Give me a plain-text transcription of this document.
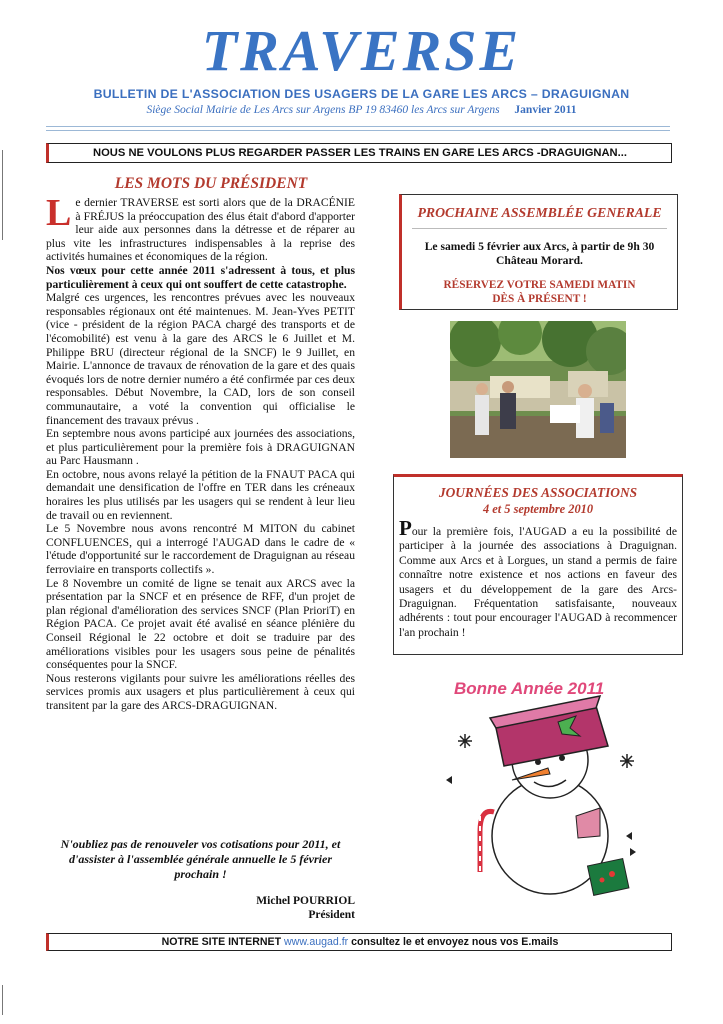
TRAVERSE
BULLETIN DE L'ASSOCIATION DES USAGERS DE LA GARE LES ARCS – DRAGUIGNAN
Siège Social Mairie de Les Arcs sur Argens BP 19 83460 les Arcs sur Argens Janvier 2011
NOUS NE VOULONS PLUS REGARDER PASSER LES TRAINS EN GARE LES ARCS -DRAGUIGNAN...
LES MOTS DU PRÉSIDENT

Le dernier TRAVERSE est sorti alors que de la DRACÉNIE à FRÉJUS la préoccupation des élus était d'abord d'apporter leur aide aux personnes dans la détresse et de réparer au plus vite les infrastructures indispensables à la reprise des activités humaines et économiques de la région.

Nos vœux pour cette année 2011 s'adressent à tous, et plus particulièrement à ceux qui ont souffert de cette catastrophe.

Malgré ces urgences, les rencontres prévues avec les nouveaux responsables régionaux ont été maintenues. M. Jean-Yves PETIT (vice - président de la région PACA chargé des transports et de l'écomobilité) est venu à la gare des ARCS le 6 Juillet et M. Philippe BRU (directeur régional de la SNCF) le 9 Juillet, en Mairie. L'annonce de travaux de rénovation de la gare et des quais évoqués lors de notre dernier numéro a été confirmée par ces deux responsables. Début Novembre, la CAD, lors de son conseil communautaire, a voté la convention qui officialise le financement des travaux prévus .

En septembre nous avons participé aux journées des associations, et plus particulièrement pour la première fois à DRAGUIGNAN au Parc Hausmann .

En octobre, nous avons relayé la pétition de la FNAUT PACA qui demandait une densification de l'offre en TER dans les créneaux horaires les plus utilisés par les usagers qui se rendent à leur lieu de travail ou en reviennent.

Le 5 Novembre nous avons rencontré M MITON du cabinet CONFLUENCES, qui a interrogé l'AUGAD dans le cadre de « l'étude d'opportunité sur le raccordement de Draguignan au réseau ferroviaire en transports collectifs ».

Le 8 Novembre un comité de ligne se tenait aux ARCS avec la présentation par la SNCF et en présence de RFF, d'un projet de plan régional d'amélioration des services SNCF (Plan PrioriT) en Région PACA. Ce projet avait été avalisé en séance plénière du Conseil Régional le 22 octobre et doit se traduire par des améliorations visibles pour les usagers sous peine de pénalités conséquentes pour la SNCF.

Nous resterons vigilants pour suivre les améliorations réelles des services promis aux usagers et plus particulièrement à ceux qui transitent par la gare des ARCS-DRAGUIGNAN.

N'oubliez pas de renouveler vos cotisations pour 2011, et d'assister à l'assemblée générale annuelle le 5 février prochain !
Michel POURRIOL
Président
PROCHAINE ASSEMBLÉE GENERALE
Le samedi 5 février aux Arcs, à partir de 9h 30
Château Morard.
RÉSERVEZ VOTRE SAMEDI MATIN
DÈS À PRÉSENT !
JOURNÉES DES ASSOCIATIONS
4 et 5 septembre 2010
Pour la première fois, l'AUGAD a eu la possibilité de participer à la journée des associations à Draguignan. Comme aux Arcs et à Lorgues, un stand a permis de faire connaître notre existence et nos actions en faveur des usagers et du développement de la gare des Arcs-Draguignan. Fréquentation satisfaisante, nouveaux adhérents : tout pour encourager l'AUGAD à recommencer l'an prochain !
Bonne Année 2011
NOTRE SITE INTERNET www.augad.fr consultez le et envoyez nous vos E.mails
